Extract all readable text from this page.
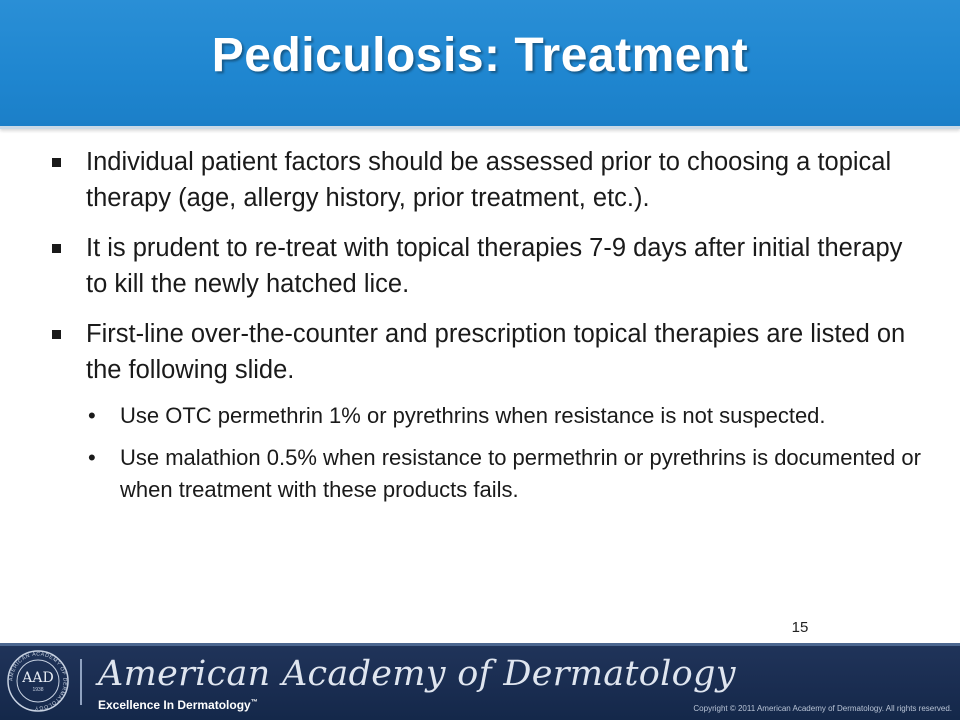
Pediculosis: Treatment
Individual patient factors should be assessed prior to choosing a topical therapy (age, allergy history, prior treatment, etc.).
It is prudent to re-treat with topical therapies 7-9 days after initial therapy to kill the newly hatched lice.
First-line over-the-counter and prescription topical therapies are listed on the following slide.
• Use OTC permethrin 1% or pyrethrins when resistance is not suspected.
• Use malathion 0.5% when resistance to permethrin or pyrethrins is documented or when treatment with these products fails.
15
AMERICAN ACADEMY OF DERMATOLOGY
AAD
1938 American Academy of Dermatology
Excellence In Dermatology™
Copyright © 2011 American Academy of Dermatology. All rights reserved.
